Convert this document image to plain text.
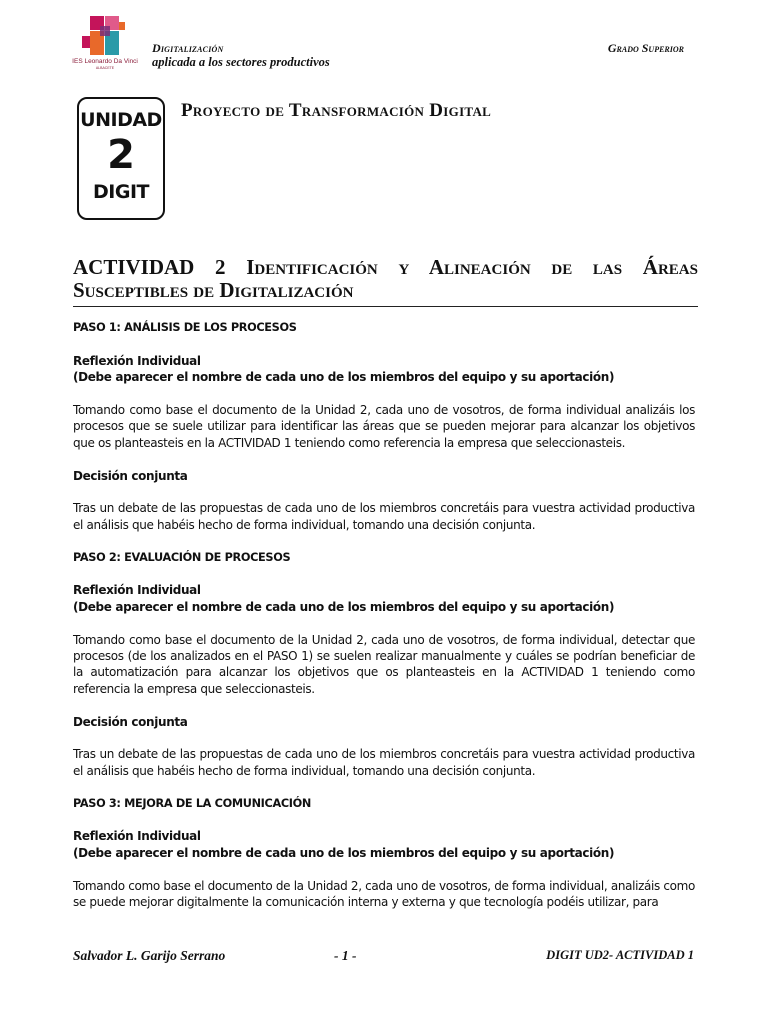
IES Leonardo Da Vinci
ALBACETE
Digitalización
aplicada a los sectores productivos
Grado Superior
UNIDAD
2
DIGIT
Proyecto de Transformación Digital
ACTIVIDAD 2 Identificación y Alineación de las Áreas
Susceptibles de Digitalización
PASO 1: ANÁLISIS DE LOS PROCESOS
Reflexión Individual
(Debe aparecer el nombre de cada uno de los miembros del equipo y su aportación)
Tomando como base el documento de la Unidad 2, cada uno de vosotros, de forma individual analizáis los procesos que se suele utilizar para identificar las áreas que se pueden mejorar para alcanzar los objetivos que os planteasteis en la ACTIVIDAD 1 teniendo como referencia la empresa que seleccionasteis.
Decisión conjunta
Tras un debate de las propuestas de cada uno de los miembros concretáis para vuestra actividad productiva el análisis que habéis hecho de forma individual, tomando una decisión conjunta.
PASO 2: EVALUACIÓN DE PROCESOS
Reflexión Individual
(Debe aparecer el nombre de cada uno de los miembros del equipo y su aportación)
Tomando como base el documento de la Unidad 2, cada uno de vosotros, de forma individual, detectar que procesos (de los analizados en el PASO 1) se suelen realizar manualmente y cuáles se podrían beneficiar de la automatización para alcanzar los objetivos que os planteasteis en la ACTIVIDAD 1 teniendo como referencia la empresa que seleccionasteis.
Decisión conjunta
Tras un debate de las propuestas de cada uno de los miembros concretáis para vuestra actividad productiva el análisis que habéis hecho de forma individual, tomando una decisión conjunta.
PASO 3: MEJORA DE LA COMUNICACIÓN
Reflexión Individual
(Debe aparecer el nombre de cada uno de los miembros del equipo y su aportación)
Tomando como base el documento de la Unidad 2, cada uno de vosotros, de forma individual, analizáis como se puede mejorar digitalmente la comunicación interna y externa y que tecnología podéis utilizar, para
Salvador L. Garijo Serrano	- 1 -	DIGIT UD2- ACTIVIDAD 1
